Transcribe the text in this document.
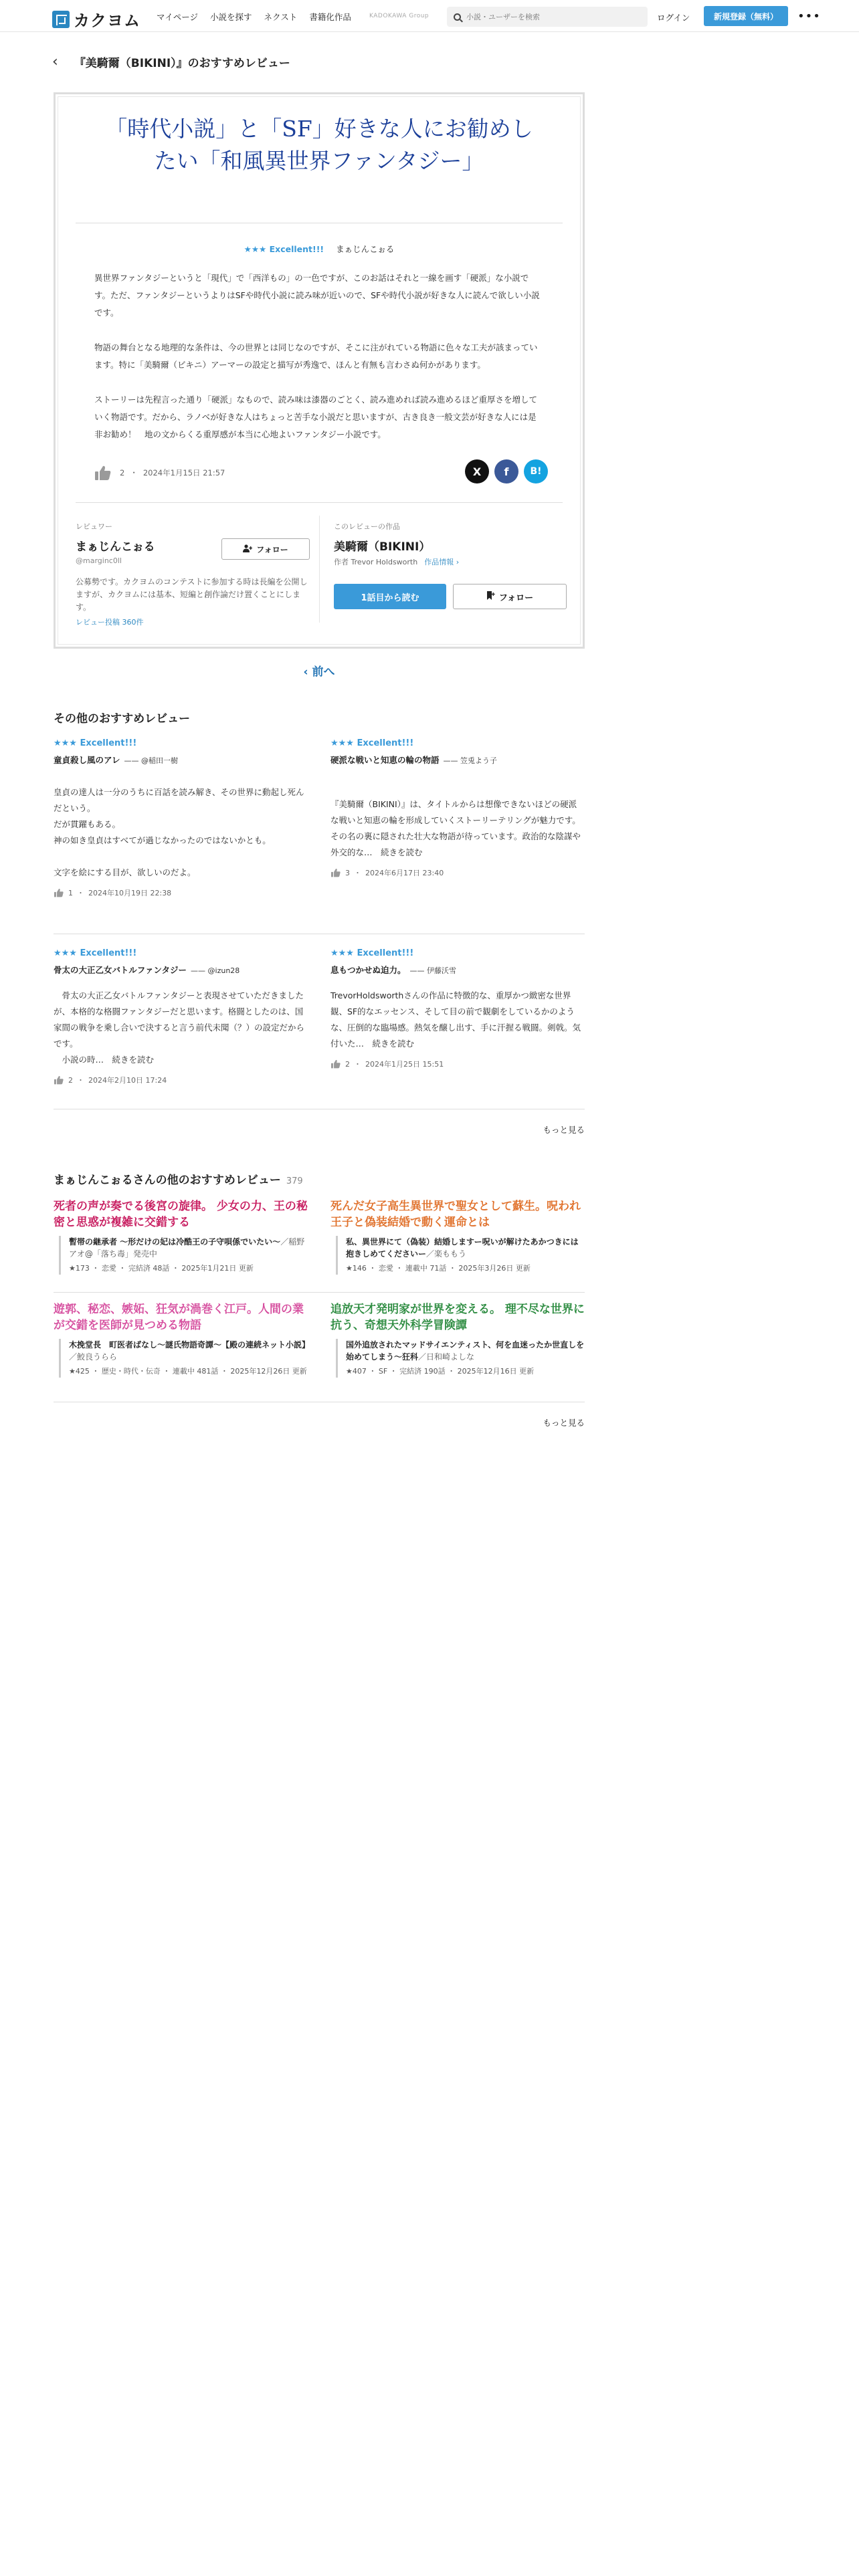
カクヨム マイページ 小説を探す ネクスト 書籍化作品	KADOKAWA Group
小説・ユーザーを検索	ログイン	新規登録（無料）	•••
‹ 『美騎爾（BIKINI）』のおすすめレビュー
「時代小説」と「SF」好きな人にお勧めしたい「和風異世界ファンタジー」
★★★ Excellent!!! まぁじんこぉる

異世界ファンタジーというと「現代」で「西洋もの」の一色ですが、このお話はそれと一線を画す「硬派」な小説です。ただ、ファンタジーというよりはSFや時代小説に読み味が近いので、SFや時代小説が好きな人に読んで欲しい小説です。

物語の舞台となる地理的な条件は、今の世界とは同じなのですが、そこに注がれている物語に色々な工夫が該まっています。特に「美騎爾（ビキニ）アーマーの設定と描写が秀逸で、ほんと有無も言わさぬ何かがあります。

ストーリーは先程言った通り「硬派」なもので、読み味は漆器のごとく、読み進めれば読み進めるほど重厚さを増していく物語です。だから、ラノベが好きな人はちょっと苦手な小説だと思いますが、古き良き一般文芸が好きな人には是非お勧め！　地の文からくる重厚感が本当に心地よいファンタジー小説です。

2 ・ 2024年1月15日 21:57	X	f	B!
レビュワー
まぁじんこぉる
@marginc0ll
フォロー
公募勢です。カクヨムのコンテストに参加する時は長編を公開しますが、カクヨムには基本、短編と創作論だけ置くことにします。
レビュー投稿 360件
このレビューの作品
美騎爾（BIKINI）
作者 Trevor Holdsworth 作品情報 ›
1話目から読む	フォロー
‹ 前へ
その他のおすすめレビュー
★★★ Excellent!!!
童貞殺し風のアレ —— @稲田一樹
皇貞の達人は一分のうちに百話を読み解き、その世界に動起し死んだという。
だが貫躍もある。
神の如き皇貞はすべてが過じなかったのではないかとも。

文字を絵にする目が、欲しいのだよ。
1 ・ 2024年10月19日 22:38
★★★ Excellent!!!
硬派な戦いと知恵の輪の物語 —— 笠兎よう子
『美騎爾（BIKINI）』は、タイトルからは想像できないほどの硬派な戦いと知恵の輪を形成していくストーリーテリングが魅力です。その名の裏に隠された壮大な物語が待っています。政治的な陰謀や外交的な…　続きを読む
3 ・ 2024年6月17日 23:40
★★★ Excellent!!!
骨太の大正乙女バトルファンタジー —— @izun28
　骨太の大正乙女バトルファンタジーと表現させていただきましたが、本格的な格闘ファンタジーだと思います。格闘としたのは、国家間の戦争を乗し合いで決すると言う前代未聞（？）の設定だからです。
　小説の時…　続きを読む
2 ・ 2024年2月10日 17:24
★★★ Excellent!!!
息もつかせぬ迫力。 —— 伊藤沃雪
TrevorHoldsworthさんの作品に特徴的な、重厚かつ緻密な世界観、SF的なエッセンス、そして目の前で観劇をしているかのような、圧倒的な臨場感。熱気を醸し出す、手に汗握る戦闘。剣戟。気付いた…　続きを読む
2 ・ 2024年1月25日 15:51
もっと見る
まぁじんこぉるさんの他のおすすめレビュー 379
死者の声が奏でる後宮の旋律。 少女の力、王の秘密と思惑が複雑に交錯する
暫帯の継承者 〜形だけの妃は冷酷王の子守唄係でいたい〜／稲野アオ@「落ち毒」発売中
★173 ・ 恋愛 ・ 完結済 48話 ・ 2025年1月21日 更新
死んだ女子高生異世界で聖女として蘇生。呪われ王子と偽装結婚で動く運命とは
私、異世界にて（偽装）結婚しますー呪いが解けたあかつきには抱きしめてくださいー／楽ももう
★146 ・ 恋愛 ・ 連載中 71話 ・ 2025年3月26日 更新
遊郭、秘恋、嫉妬、狂気が渦巻く江戸。人間の業が交錯を医師が見つめる物語
木挽堂長　町医者ばなし〜謎氏物語奇譚〜【殿の連続ネット小説】／鮫良うらら
★425 ・ 歴史・時代・伝奇 ・ 連載中 481話 ・ 2025年12月26日 更新
追放天才発明家が世界を変える。 理不尽な世界に抗う、奇想天外科学冒険譚
国外追放されたマッドサイエンティスト、何を血迷ったか世直しを始めてしまう〜狂科／日和崎よしな
★407 ・ SF ・ 完結済 190話 ・ 2025年12月16日 更新
もっと見る
